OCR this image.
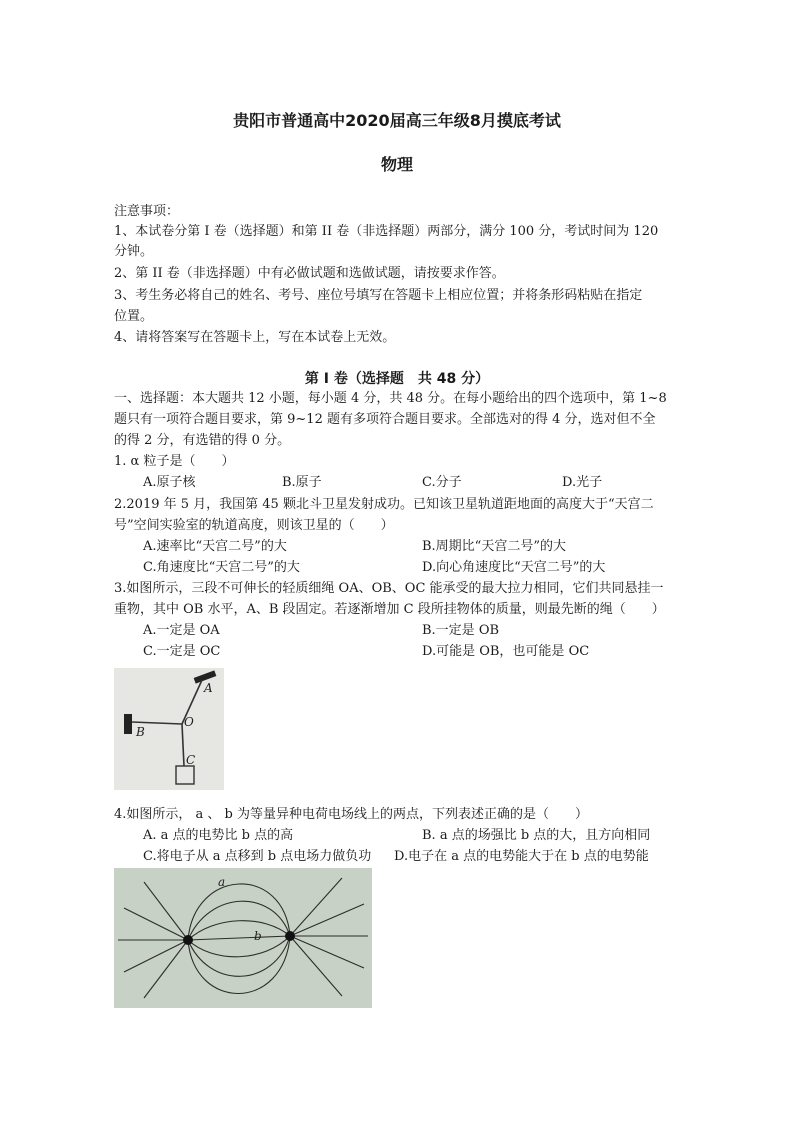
贵阳市普通高中2020届高三年级8月摸底考试
物理
注意事项：
1、本试卷分第 I 卷（选择题）和第 II 卷（非选择题）两部分，满分 100 分，考试时间为 120
分钟。
2、第 II 卷（非选择题）中有必做试题和选做试题，请按要求作答。
3、考生务必将自己的姓名、考号、座位号填写在答题卡上相应位置；并将条形码粘贴在指定
位置。
4、请将答案写在答题卡上，写在本试卷上无效。
第 I 卷（选择题　共 48 分）
一、选择题：本大题共 12 小题，每小题 4 分，共 48 分。在每小题给出的四个选项中，第 1~8
题只有一项符合题目要求，第 9~12 题有多项符合题目要求。全部选对的得 4 分，选对但不全
的得 2 分，有选错的得 0 分。
1. α 粒子是（　　）
A.原子核	B.原子	C.分子	D.光子
2.2019 年 5 月，我国第 45 颗北斗卫星发射成功。已知该卫星轨道距地面的高度大于“天宫二
号”空间实验室的轨道高度，则该卫星的（　　）
A.速率比“天宫二号”的大	B.周期比“天宫二号”的大
C.角速度比“天宫二号”的大	D.向心角速度比“天宫二号”的大
3.如图所示，三段不可伸长的轻质细绳 OA、OB、OC 能承受的最大拉力相同，它们共同悬挂一
重物，其中 OB 水平，A、B 段固定。若逐渐增加 C 段所挂物体的质量，则最先断的绳（　　）
A.一定是 OA	B.一定是 OB
C.一定是 OC	D.可能是 OB，也可能是 OC
A
O
B
C
4.如图所示， a 、 b 为等量异种电荷电场线上的两点，下列表述正确的是（　　）
A. a 点的电势比 b 点的高	B. a 点的场强比 b 点的大，且方向相同
C.将电子从 a 点移到 b 点电场力做负功 D.电子在 a 点的电势能大于在 b 点的电势能
a
b
